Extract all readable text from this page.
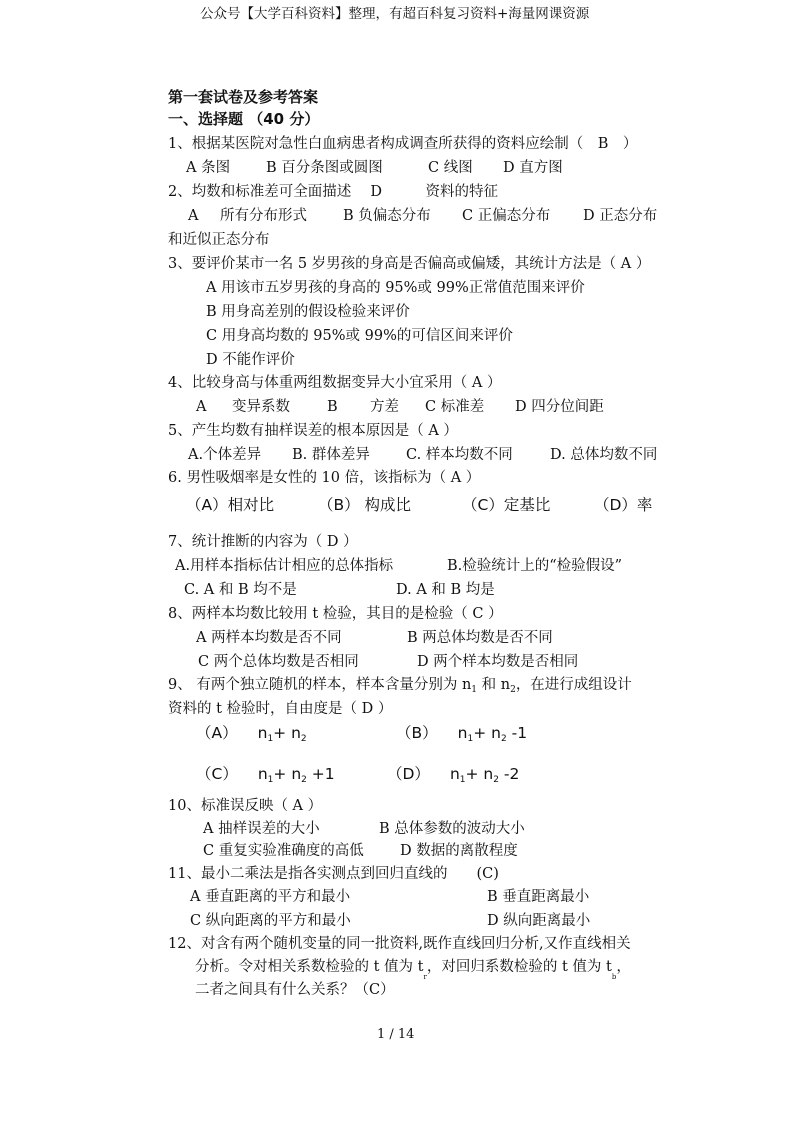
公众号【大学百科资料】整理，有超百科复习资料+海量网课资源
第一套试卷及参考答案
一、选择题 （40 分）
1、根据某医院对急性白血病患者构成调查所获得的资料应绘制（　B　）
A 条图 B 百分条图或圆图	C 线图 D 直方图
2、均数和标准差可全面描述　 D　　　资料的特征
A 所有分布形式 B 负偏态分布 C 正偏态分布 D 正态分布
和近似正态分布
3、要评价某市一名 5 岁男孩的身高是否偏高或偏矮，其统计方法是（ A ）
A 用该市五岁男孩的身高的 95%或 99%正常值范围来评价
B 用身高差别的假设检验来评价
C 用身高均数的 95%或 99%的可信区间来评价
D 不能作评价
4、比较身高与体重两组数据变异大小宜采用（ A ）
A 变异系数	B 方差 C 标准差 D 四分位间距
5、产生均数有抽样误差的根本原因是（ A ）
A.个体差异 B. 群体差异 C. 样本均数不同	D. 总体均数不同
6. 男性吸烟率是女性的 10 倍，该指标为（ A ）
（A）相对比	（B） 构成比	（C）定基比	（D）率
7、统计推断的内容为（ D ）
A.用样本指标估计相应的总体指标	B.检验统计上的“检验假设”
C. A 和 B 均不是	D. A 和 B 均是
8、两样本均数比较用 t 检验，其目的是检验（ C ）
A 两样本均数是否不同	B 两总体均数是否不同
C 两个总体均数是否相同	D 两个样本均数是否相同
9、 有两个独立随机的样本，样本含量分别为 $n_1$ 和 $n_2$，在进行成组设计
资料的 t 检验时，自由度是（ D ）
（A） $n_1+ n_2$	（B） $n_1+ n_2$ -1
（C） $n_1+ n_2 +1$	（D） $n_1+ n_2$ -2
10、标准误反映（ A ）
A 抽样误差的大小	B 总体参数的波动大小
C 重复实验准确度的高低	D 数据的离散程度
11、最小二乘法是指各实测点到回归直线的　　(C)
A 垂直距离的平方和最小	B 垂直距离最小
C 纵向距离的平方和最小	D 纵向距离最小
12、对含有两个随机变量的同一批资料,既作直线回归分析,又作直线相关
分析。令对相关系数检验的 t 值为 $t_r$，对回归系数检验的 t 值为 $t_b$，
二者之间具有什么关系？（C）
1 / 14
